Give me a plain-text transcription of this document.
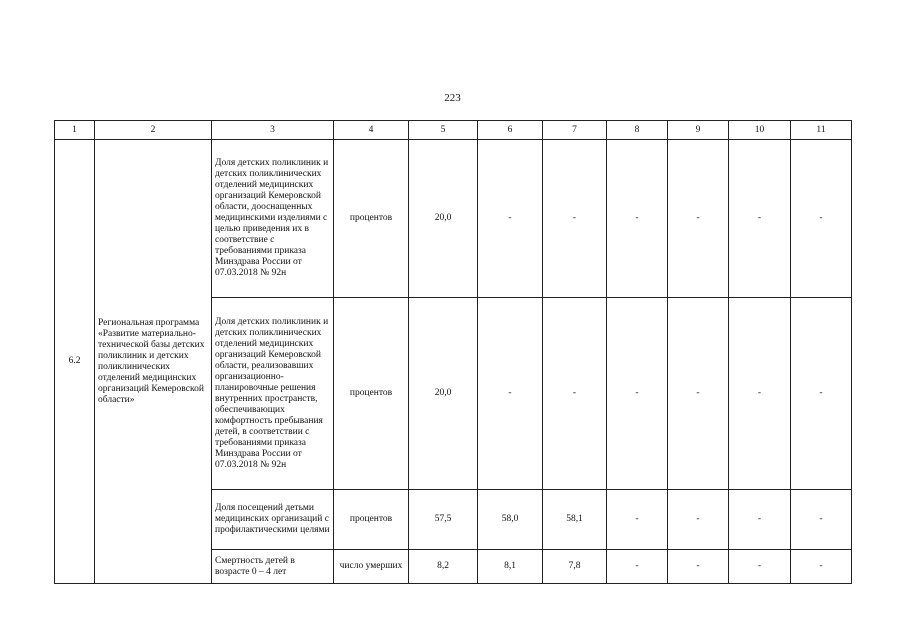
223
1	2	3	4	5	6	7	8	9	10	11
6.2	Региональная программа «Развитие материально-технической базы детских поликлиник и детских поликлинических отделений медицинских организаций Кемеровской области»	Доля детских поликлиник и детских поликлинических отделений медицинских организаций Кемеровской области, дооснащенных медицинскими изделиями с целью приведения их в соответствие с требованиями приказа Минздрава России от 07.03.2018 № 92н	процентов	20,0	-	-	-	-	-	-
		Доля детских поликлиник и детских поликлинических отделений медицинских организаций Кемеровской области, реализовавших организационно-планировочные решения внутренних пространств, обеспечивающих комфортность пребывания детей, в соответствии с требованиями приказа Минздрава России от 07.03.2018 № 92н	процентов	20,0	-	-	-	-	-	-
		Доля посещений детьми медицинских организаций с профилактическими целями	процентов	57,5	58,0	58,1	-	-	-	-
		Смертность детей в возрасте 0 – 4 лет	число умерших	8,2	8,1	7,8	-	-	-	-
